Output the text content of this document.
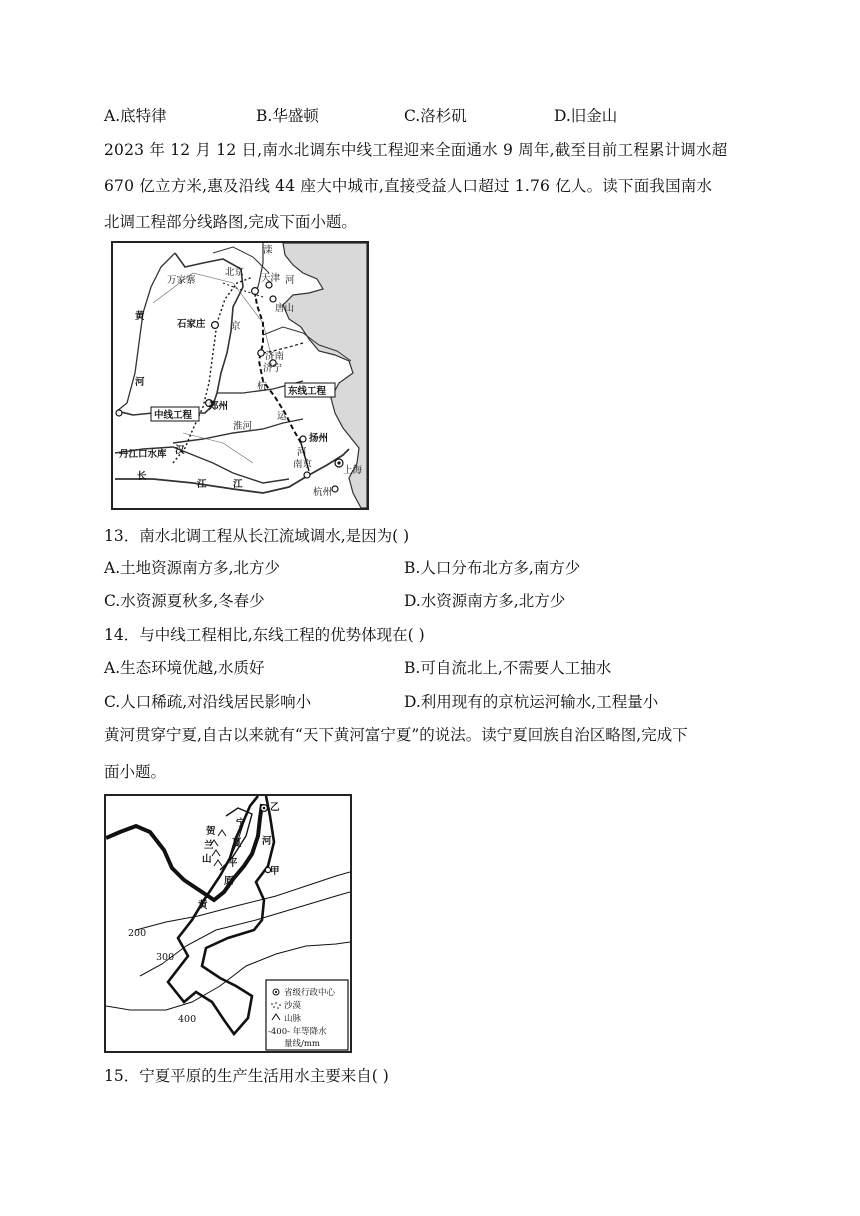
A.底特律	B.华盛顿	C.洛杉矶	D.旧金山
2023 年 12 月 12 日,南水北调东中线工程迎来全面通水 9 周年,截至目前工程累计调水超
670 亿立方米,惠及沿线 44 座大中城市,直接受益人口超过 1.76 亿人。读下面我国南水
北调工程部分线路图,完成下面小题。
滦
河
北京
天津
唐山
万家寨
石家庄	京
黄
河
济南
济宁
杭 东线工程
中线工程
郑州
运
淮河
扬州
丹江口水库 汉	河
长
江	江
南京
上海
杭州
13．南水北调工程从长江流域调水,是因为( )
A.土地资源南方多,北方少	B.人口分布北方多,南方少
C.水资源夏秋多,冬春少	D.水资源南方多,北方少
14．与中线工程相比,东线工程的优势体现在( )
A.生态环境优越,水质好	B.可自流北上,不需要人工抽水
C.人口稀疏,对沿线居民影响小	D.利用现有的京杭运河输水,工程量小
黄河贯穿宁夏,自古以来就有“天下黄河富宁夏”的说法。读宁夏回族自治区略图,完成下
面小题。
省级行政中心
沙漠
山脉
-400- 年等降水
量线/mm
乙
甲
贺
兰
山
宁
夏
平
原
河
黄
200
300
400
15．宁夏平原的生产生活用水主要来自( )
